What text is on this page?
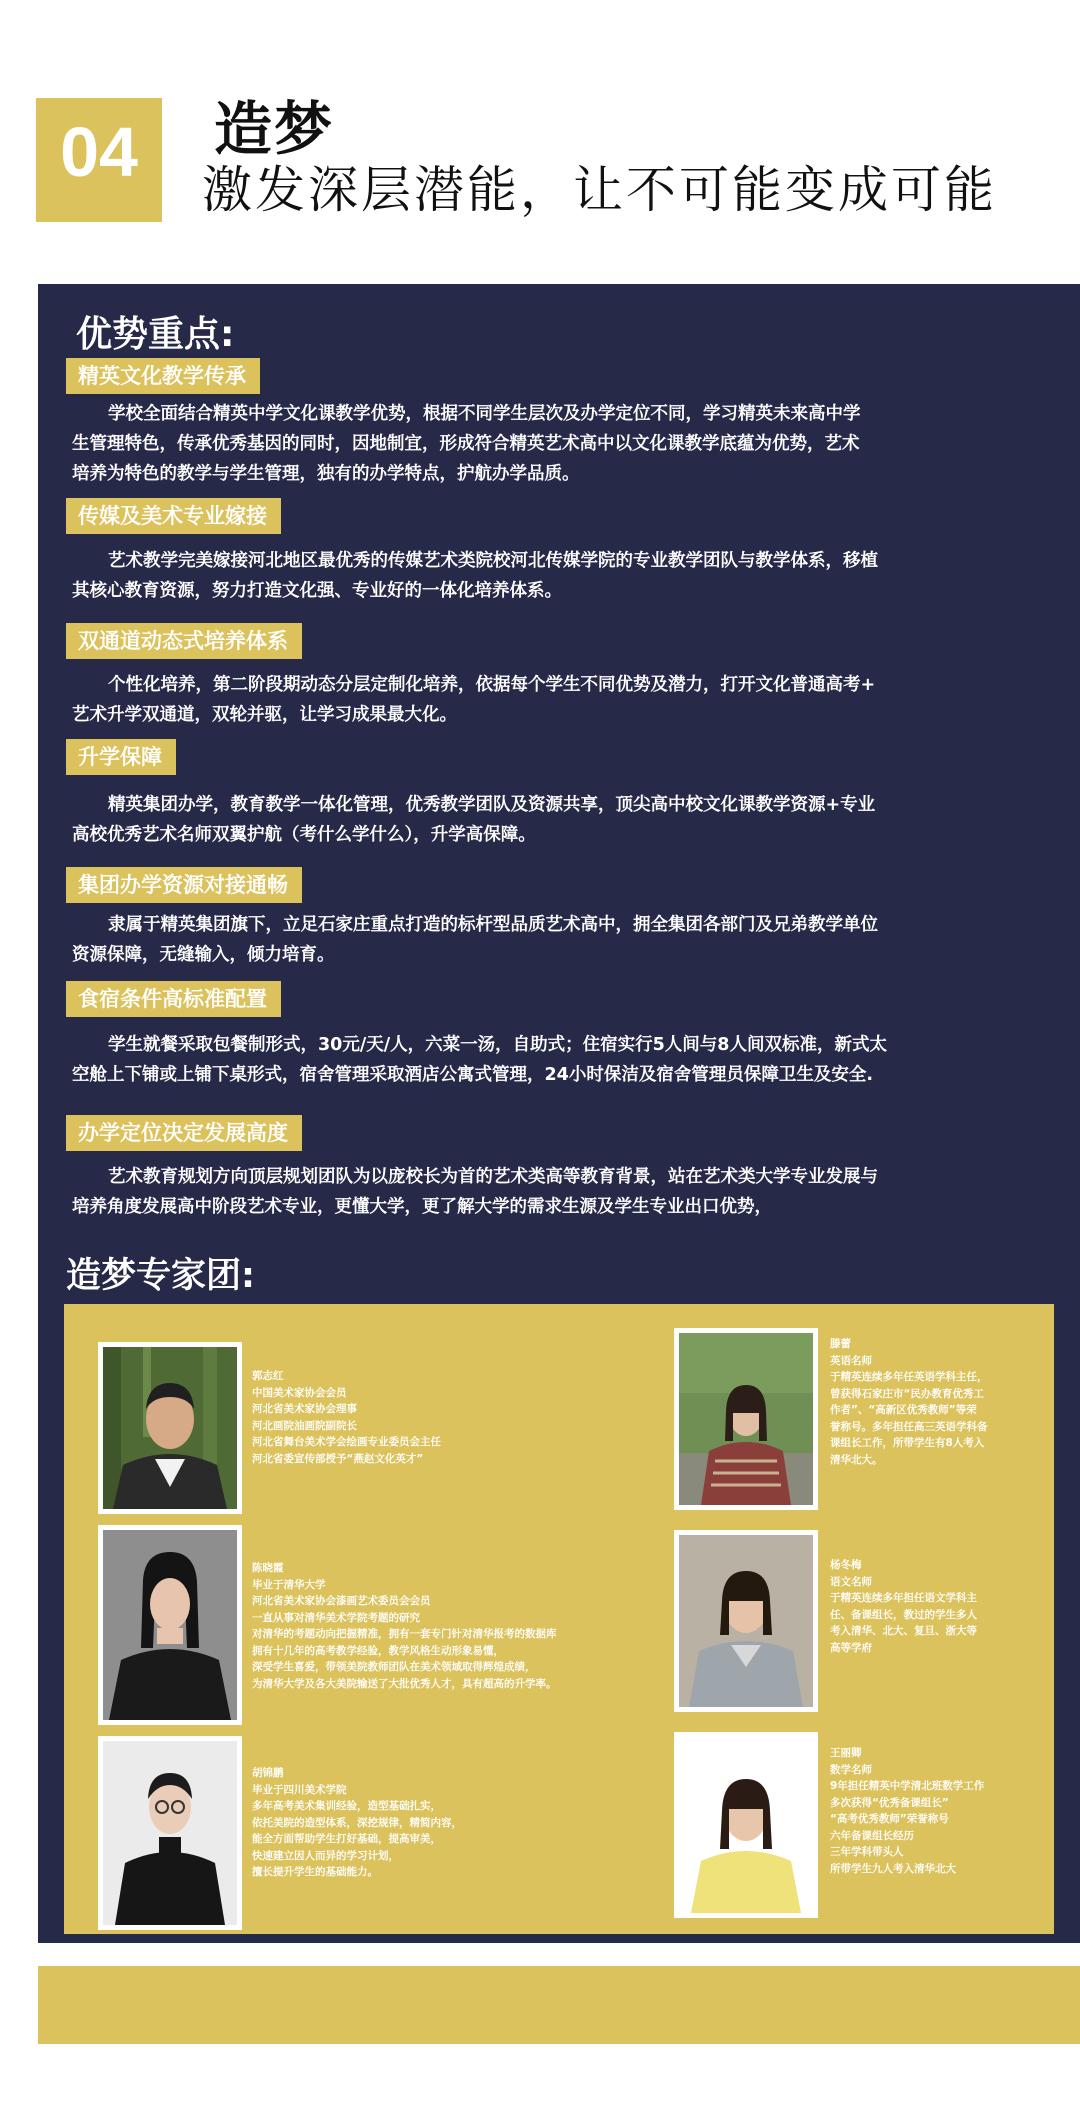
04	造梦
激发深层潜能，让不可能变成可能
优势重点:
精英文化教学传承
学校全面结合精英中学文化课教学优势，根据不同学生层次及办学定位不同，学习精英未来高中学
生管理特色，传承优秀基因的同时，因地制宜，形成符合精英艺术高中以文化课教学底蕴为优势，艺术
培养为特色的教学与学生管理，独有的办学特点，护航办学品质。
传媒及美术专业嫁接
艺术教学完美嫁接河北地区最优秀的传媒艺术类院校河北传媒学院的专业教学团队与教学体系，移植
其核心教育资源，努力打造文化强、专业好的一体化培养体系。
双通道动态式培养体系
个性化培养，第二阶段期动态分层定制化培养，依据每个学生不同优势及潜力，打开文化普通高考+
艺术升学双通道，双轮并驱，让学习成果最大化。
升学保障
精英集团办学，教育教学一体化管理，优秀教学团队及资源共享，顶尖高中校文化课教学资源+专业
高校优秀艺术名师双翼护航（考什么学什么），升学高保障。
集团办学资源对接通畅
隶属于精英集团旗下，立足石家庄重点打造的标杆型品质艺术高中，拥全集团各部门及兄弟教学单位
资源保障，无缝输入，倾力培育。
食宿条件高标准配置
学生就餐采取包餐制形式，30元/天/人，六菜一汤，自助式；住宿实行5人间与8人间双标准，新式太
空舱上下铺或上铺下桌形式，宿舍管理采取酒店公寓式管理，24小时保洁及宿舍管理员保障卫生及安全.
办学定位决定发展高度
艺术教育规划方向顶层规划团队为以庞校长为首的艺术类高等教育背景，站在艺术类大学专业发展与
培养角度发展高中阶段艺术专业，更懂大学，更了解大学的需求生源及学生专业出口优势，
造梦专家团:
郭志红
中国美术家协会会员
河北省美术家协会理事
河北画院油画院副院长
河北省舞台美术学会绘画专业委员会主任
河北省委宣传部授予“燕赵文化英才”
陈晓霞
毕业于清华大学
河北省美术家协会漆画艺术委员会会员
一直从事对清华美术学院考题的研究
对清华的考题动向把握精准，拥有一套专门针对清华报考的数据库
拥有十几年的高考教学经验，教学风格生动形象易懂，
深受学生喜爱，带领美院教师团队在美术领域取得辉煌成绩，
为清华大学及各大美院输送了大批优秀人才，具有超高的升学率。
胡锦鹏
毕业于四川美术学院
多年高考美术集训经验，造型基础扎实，
依托美院的造型体系，深挖规律，精简内容，
能全方面帮助学生打好基础，提高审美，
快速建立因人而异的学习计划，
擅长提升学生的基础能力。
滕蕾
英语名师
于精英连续多年任英语学科主任，
曾获得石家庄市“民办教育优秀工
作者”、“高新区优秀教师”等荣
誉称号。多年担任高三英语学科备
课组长工作，所带学生有8人考入
清华北大。
杨冬梅
语文名师
于精英连续多年担任语文学科主
任、备课组长，教过的学生多人
考入清华、北大、复旦、浙大等
高等学府
王丽卿
数学名师
9年担任精英中学清北班数学工作
多次获得“优秀备课组长”
“高考优秀教师”荣誉称号
六年备课组长经历
三年学科带头人
所带学生九人考入清华北大
